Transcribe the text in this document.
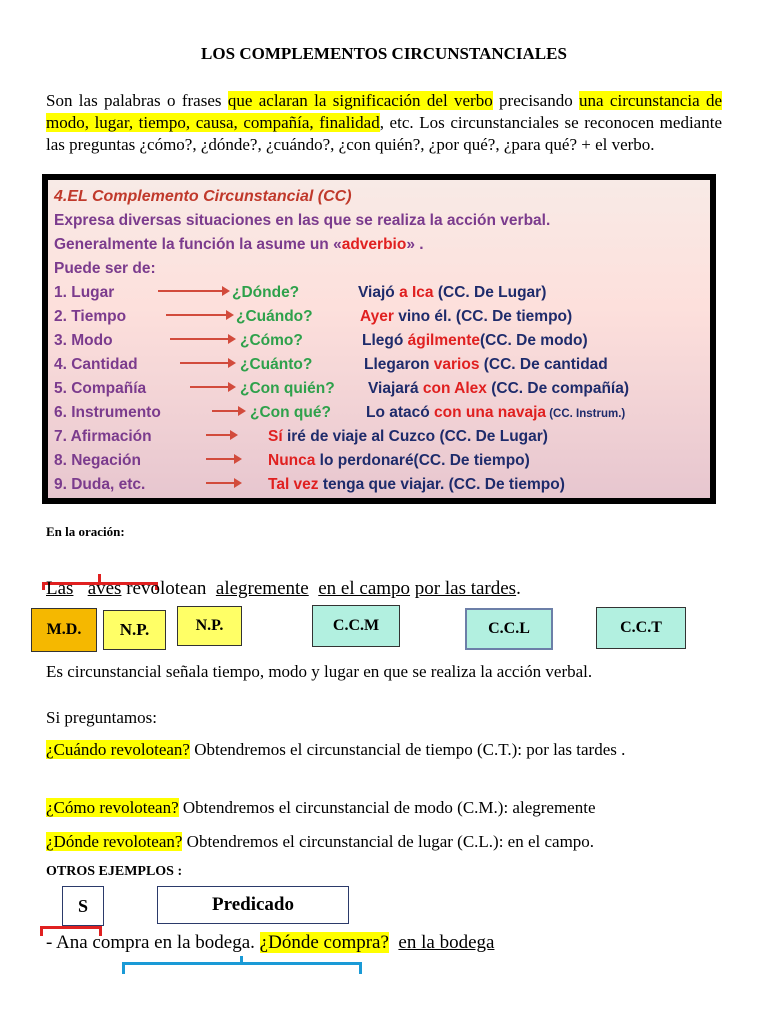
LOS COMPLEMENTOS CIRCUNSTANCIALES
Son las palabras o frases que aclaran la significación del verbo precisando una circunstancia de modo, lugar, tiempo, causa, compañía, finalidad, etc. Los circunstanciales se reconocen mediante las preguntas ¿cómo?, ¿dónde?, ¿cuándo?, ¿con quién?, ¿por qué?, ¿para qué? + el verbo.
4.EL Complemento Circunstancial (CC)
Expresa diversas situaciones en las que se realiza la acción verbal.
Generalmente la función la asume un «adverbio» .
Puede ser de:
1. Lugar	¿Dónde?	Viajó a Ica (CC. De Lugar)
2. Tiempo	¿Cuándo?	Ayer vino él. (CC. De tiempo)
3. Modo	¿Cómo?	Llegó ágilmente(CC. De modo)
4. Cantidad	¿Cuánto?	Llegaron varios (CC. De cantidad
5. Compañía	¿Con quién? Viajará con Alex (CC. De compañía)
6. Instrumento	¿Con qué? Lo atacó con una navaja (CC. Instrum.)
7. Afirmación	Sí iré de viaje al Cuzco (CC. De Lugar)
8. Negación	Nunca lo perdonaré(CC. De tiempo)
9. Duda, etc.	Tal vez tenga que viajar. (CC. De tiempo)
En la oración:
Las aves revolotean alegremente en el campo por las tardes.
M.D.	N.P.	N.P.	C.C.M	C.C.L	C.C.T
Es circunstancial señala tiempo, modo y lugar en que se realiza la acción verbal.
Si preguntamos:
¿Cuándo revolotean? Obtendremos el circunstancial de tiempo (C.T.): por las tardes .
¿Cómo revolotean? Obtendremos el circunstancial de modo (C.M.): alegremente
¿Dónde revolotean? Obtendremos el circunstancial de lugar (C.L.): en el campo.
OTROS EJEMPLOS :
S	Predicado
- Ana compra en la bodega. ¿Dónde compra? en la bodega
